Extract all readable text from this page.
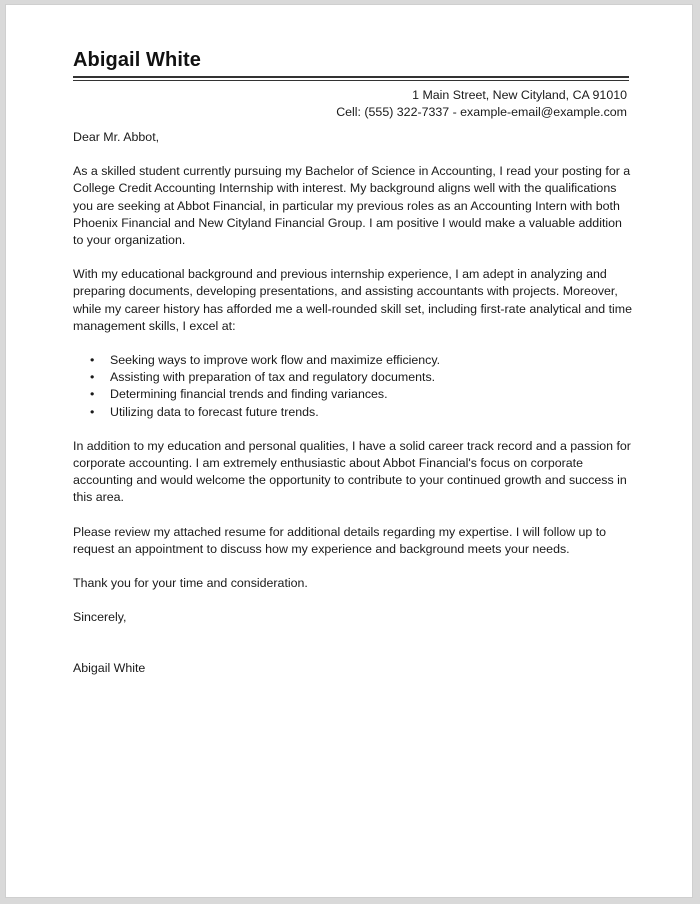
Abigail White
1 Main Street, New Cityland, CA 91010
Cell: (555) 322-7337 - example-email@example.com

Dear Mr. Abbot,

As a skilled student currently pursuing my Bachelor of Science in Accounting, I read your posting for a College Credit Accounting Internship with interest. My background aligns well with the qualifications you are seeking at Abbot Financial, in particular my previous roles as an Accounting Intern with both Phoenix Financial and New Cityland Financial Group. I am positive I would make a valuable addition to your organization.

With my educational background and previous internship experience, I am adept in analyzing and preparing documents, developing presentations, and assisting accountants with projects. Moreover, while my career history has afforded me a well-rounded skill set, including first-rate analytical and time management skills, I excel at:

• Seeking ways to improve work flow and maximize efficiency.
• Assisting with preparation of tax and regulatory documents.
• Determining financial trends and finding variances.
• Utilizing data to forecast future trends.

In addition to my education and personal qualities, I have a solid career track record and a passion for corporate accounting. I am extremely enthusiastic about Abbot Financial's focus on corporate accounting and would welcome the opportunity to contribute to your continued growth and success in this area.

Please review my attached resume for additional details regarding my expertise. I will follow up to request an appointment to discuss how my experience and background meets your needs.

Thank you for your time and consideration.

Sincerely,

Abigail White
